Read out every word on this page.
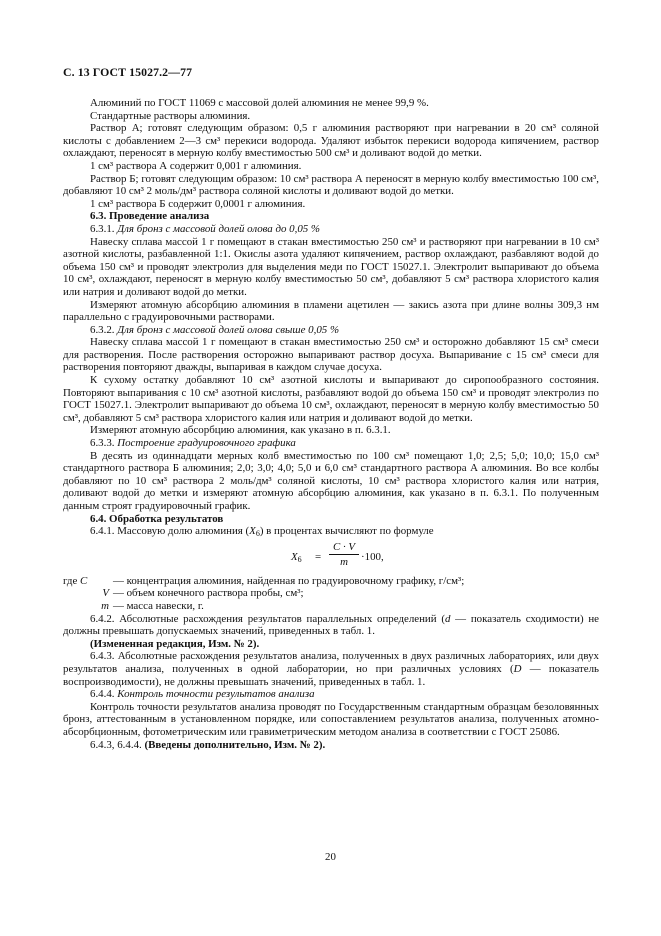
С. 13 ГОСТ 15027.2—77

Алюминий по ГОСТ 11069 с массовой долей алюминия не менее 99,9 %.

Стандартные растворы алюминия.

Раствор А; готовят следующим образом: 0,5 г алюминия растворяют при нагревании в 20 см³ соляной кислоты с добавлением 2—3 см³ перекиси водорода. Удаляют избыток перекиси водорода кипячением, раствор охлаждают, переносят в мерную колбу вместимостью 500 см³ и доливают водой до метки.

1 см³ раствора А содержит 0,001 г алюминия.

Раствор Б; готовят следующим образом: 10 см³ раствора А переносят в мерную колбу вместимостью 100 см³, добавляют 10 см³ 2 моль/дм³ раствора соляной кислоты и доливают водой до метки.

1 см³ раствора Б содержит 0,0001 г алюминия.

6.3. Проведение анализа

6.3.1. Для бронз с массовой долей олова до 0,05 %

Навеску сплава массой 1 г помещают в стакан вместимостью 250 см³ и растворяют при нагревании в 10 см³ азотной кислоты, разбавленной 1:1. Окислы азота удаляют кипячением, раствор охлаждают, разбавляют водой до объема 150 см³ и проводят электролиз для выделения меди по ГОСТ 15027.1. Электролит выпаривают до объема 10 см³, охлаждают, переносят в мерную колбу вместимостью 50 см³, добавляют 5 см³ раствора хлористого калия или натрия и доливают водой до метки.

Измеряют атомную абсорбцию алюминия в пламени ацетилен — закись азота при длине волны 309,3 нм параллельно с градуировочными растворами.

6.3.2. Для бронз с массовой долей олова свыше 0,05 %

Навеску сплава массой 1 г помещают в стакан вместимостью 250 см³ и осторожно добавляют 15 см³ смеси для растворения. После растворения осторожно выпаривают раствор досуха. Выпаривание с 15 см³ смеси для растворения повторяют дважды, выпаривая в каждом случае досуха.

К сухому остатку добавляют 10 см³ азотной кислоты и выпаривают до сиропообразного состояния. Повторяют выпаривания с 10 см³ азотной кислоты, разбавляют водой до объема 150 см³ и проводят электролиз по ГОСТ 15027.1. Электролит выпаривают до объема 10 см³, охлаждают, переносят в мерную колбу вместимостью 50 см³, добавляют 5 см³ раствора хлористого калия или натрия и доливают водой до метки.

Измеряют атомную абсорбцию алюминия, как указано в п. 6.3.1.

6.3.3. Построение градуировочного графика

В десять из одиннадцати мерных колб вместимостью по 100 см³ помещают 1,0; 2,5; 5,0; 10,0; 15,0 см³ стандартного раствора Б алюминия; 2,0; 3,0; 4,0; 5,0 и 6,0 см³ стандартного раствора А алюминия. Во все колбы добавляют по 10 см³ раствора 2 моль/дм³ соляной кислоты, 10 см³ раствора хлористого калия или натрия, доливают водой до метки и измеряют атомную абсорбцию алюминия, как указано в п. 6.3.1. По полученным данным строят градуировочный график.

6.4. Обработка результатов

6.4.1. Массовую долю алюминия $(X_6)$ в процентах вычисляют по формуле

$X_6 = \frac{C \cdot V}{m} \cdot 100$,
где C	— концентрация алюминия, найденная по градуировочному графику, г/см³;
V — объем конечного раствора пробы, см³;
m — масса навески, г.

6.4.2. Абсолютные расхождения результатов параллельных определений (d — показатель сходимости) не должны превышать допускаемых значений, приведенных в табл. 1.

(Измененная редакция, Изм. № 2).

6.4.3. Абсолютные расхождения результатов анализа, полученных в двух различных лабораториях, или двух результатов анализа, полученных в одной лаборатории, но при различных условиях (D — показатель воспроизводимости), не должны превышать значений, приведенных в табл. 1.

6.4.4. Контроль точности результатов анализа

Контроль точности результатов анализа проводят по Государственным стандартным образцам безоловянных бронз, аттестованным в установленном порядке, или сопоставлением результатов анализа, полученных атомно-абсорбционным, фотометрическим или гравиметрическим методом анализа в соответствии с ГОСТ 25086.

6.4.3, 6.4.4. (Введены дополнительно, Изм. № 2).

20
